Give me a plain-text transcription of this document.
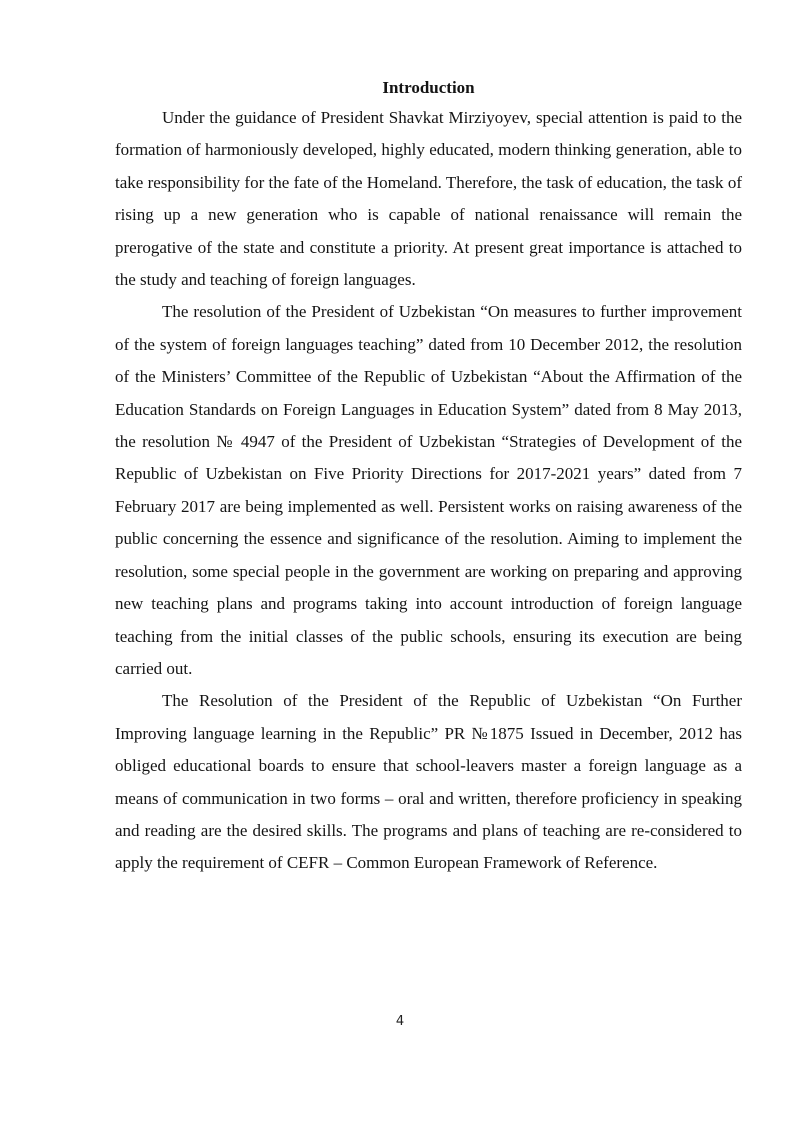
Introduction

Under the guidance of President Shavkat Mirziyoyev, special attention is paid to the formation of harmoniously developed, highly educated, modern thinking generation, able to take responsibility for the fate of the Homeland. Therefore, the task of education, the task of rising up a new generation who is capable of national renaissance will remain the prerogative of the state and constitute a priority. At present great importance is attached to the study and teaching of foreign languages.

The resolution of the President of Uzbekistan “On measures to further improvement of the system of foreign languages teaching” dated from 10 December 2012, the resolution of the Ministers’ Committee of the Republic of Uzbekistan “About the Affirmation of the Education Standards on Foreign Languages in Education System” dated from 8 May 2013, the resolution № 4947 of the President of Uzbekistan “Strategies of Development of the Republic of Uzbekistan on Five Priority Directions for 2017-2021 years” dated from 7 February 2017 are being implemented as well. Persistent works on raising awareness of the public concerning the essence and significance of the resolution. Aiming to implement the resolution, some special people in the government are working on preparing and approving new teaching plans and programs taking into account introduction of foreign language teaching from the initial classes of the public schools, ensuring its execution are being carried out.

The Resolution of the President of the Republic of Uzbekistan “On Further Improving language learning in the Republic” PR №1875 Issued in December, 2012 has obliged educational boards to ensure that school-leavers master a foreign language as a means of communication in two forms – oral and written, therefore proficiency in speaking and reading are the desired skills. The programs and plans of teaching are re-considered to apply the requirement of CEFR – Common European Framework of Reference.

4
